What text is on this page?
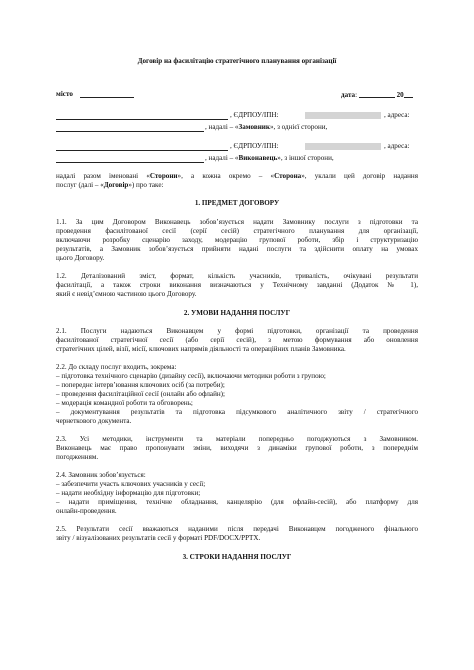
Договір на фасилітацію стратегічного планування організації
місто	дата:	20
, ЄДРПОУ/ІПН:	, адреса:
, надалі – «Замовник», з однієї сторони,
, ЄДРПОУ/ІПН:	, адреса:
, надалі – «Виконавець», з іншої сторони,
надалі разом іменовані «Сторони», а кожна окремо – «Сторона», уклали цей договір надання
послуг (далі – «Договір») про таке:
1. ПРЕДМЕТ ДОГОВОРУ
1.1. За цим Договором Виконавець зобов’язується надати Замовнику послуги з підготовки та
проведення фасилітованої сесії (серії сесій) стратегічного планування для організації,
включаючи розробку сценарію заходу, модерацію групової роботи, збір і структуризацію
результатів, а Замовник зобов’язується прийняти надані послуги та здійснити оплату на умовах
цього Договору.
1.2. Деталізований зміст, формат, кількість учасників, тривалість, очікувані результати
фасилітації, а також строки виконання визначаються у Технічному завданні (Додаток № 1),
який є невід’ємною частиною цього Договору.
2. УМОВИ НАДАННЯ ПОСЛУГ
2.1. Послуги надаються Виконавцем у формі підготовки, організації та проведення
фасилітованої стратегічної сесії (або серії сесій), з метою формування або оновлення
стратегічних цілей, візії, місії, ключових напрямів діяльності та операційних планів Замовника.
2.2. До складу послуг входить, зокрема:
– підготовка технічного сценарію (дизайну сесії), включаючи методики роботи з групою;
– попереднє інтерв’ювання ключових осіб (за потреби);
– проведення фасилітаційної сесії (онлайн або офлайн);
– модерація командної роботи та обговорень;
– документування результатів та підготовка підсумкового аналітичного звіту / стратегічного
чернеткового документа.
2.3. Усі методики, інструменти та матеріали попередньо погоджуються з Замовником.
Виконавець має право пропонувати зміни, виходячи з динаміки групової роботи, з попереднім
погодженням.
2.4. Замовник зобов’язується:
– забезпечити участь ключових учасників у сесії;
– надати необхідну інформацію для підготовки;
– надати приміщення, технічне обладнання, канцелярію (для офлайн-сесій), або платформу для
онлайн-проведення.
2.5. Результати сесії вважаються наданими після передачі Виконавцем погодженого фінального
звіту / візуалізованих результатів сесії у форматі PDF/DOCX/PPTX.
3. СТРОКИ НАДАННЯ ПОСЛУГ
